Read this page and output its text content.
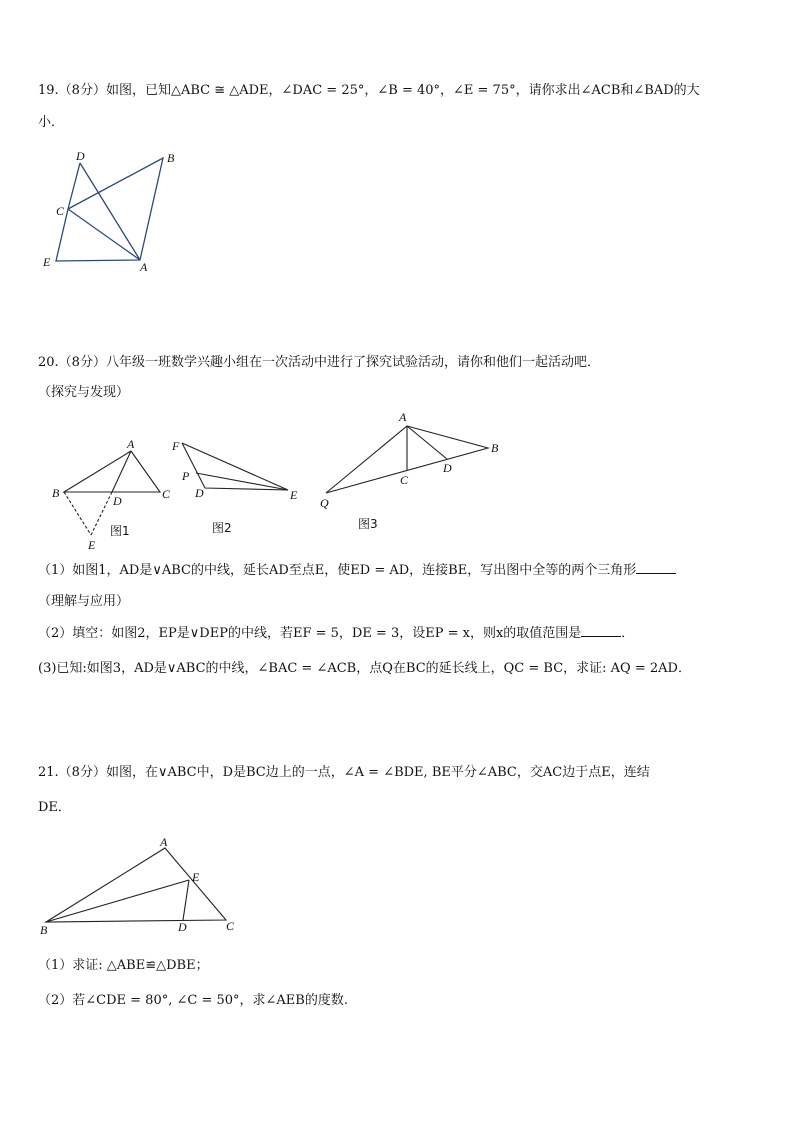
19.（8分）如图，已知△ABC ≅ △ADE，∠DAC = 25°，∠B = 40°，∠E = 75°，请你求出∠ACB和∠BAD的大
小．
D	B
C
E	A
A
B	C
D
E
图1
F
P
D	E
图2
A
B
C
D
Q
图3
A
B	C
D
E
20.（8分）八年级一班数学兴趣小组在一次活动中进行了探究试验活动，请你和他们一起活动吧．
（探究与发现）
（1）如图1，AD是∨ABC的中线，延长AD至点E，使ED = AD，连接BE，写出图中全等的两个三角形
（理解与应用）
（2）填空：如图2，EP是∨DEP的中线，若EF = 5，DE = 3，设EP = x，则x的取值范围是	．
(3)已知:如图3，AD是∨ABC的中线，∠BAC = ∠ACB，点Q在BC的延长线上，QC = BC，求证: AQ = 2AD．
21.（8分）如图，在∨ABC中，D是BC边上的一点，∠A = ∠BDE, BE平分∠ABC，交AC边于点E，连结
DE．
（1）求证: △ABE≌△DBE；
（2）若∠CDE = 80°, ∠C = 50°，求∠AEB的度数.
